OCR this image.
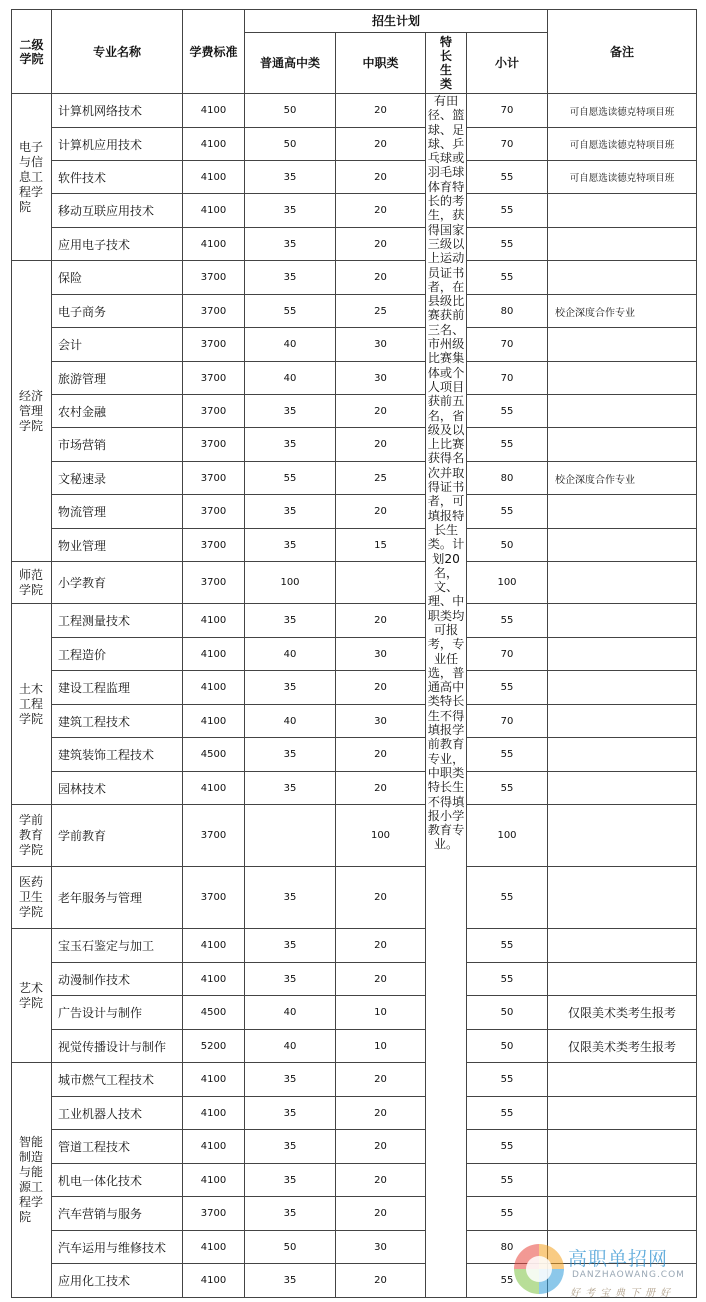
二级学院	专业名称	学费标准	招生计划				备注
			普通高中类	中职类	特长生类	小计	
电子与信息工程学院	计算机网络技术	4100	50	20	有田径、篮球、足球、乒乓球或羽毛球体育特长的考生，获得国家三级以上运动员证书者，在县级比赛获前三名、市州级比赛集体或个人项目获前五名，省级及以上比赛获得名次并取得证书者，可填报特长生类。计划20名，文、理、中职类均可报考，专业任选，普通高中类特长生不得填报学前教育专业，中职类特长生不得填报小学教育专业。	70	可自愿选读德克特项目班
	计算机应用技术	4100	50	20		70	可自愿选读德克特项目班
	软件技术	4100	35	20		55	可自愿选读德克特项目班
	移动互联应用技术	4100	35	20		55	
	应用电子技术	4100	35	20		55	
经济管理学院	保险	3700	35	20		55	
	电子商务	3700	55	25		80	校企深度合作专业
	会计	3700	40	30		70	
	旅游管理	3700	40	30		70	
	农村金融	3700	35	20		55	
	市场营销	3700	35	20		55	
	文秘速录	3700	55	25		80	校企深度合作专业
	物流管理	3700	35	20		55	
	物业管理	3700	35	15		50	
师范学院	小学教育	3700	100			100	
土木工程学院	工程测量技术	4100	35	20		55	
	工程造价	4100	40	30		70	
	建设工程监理	4100	35	20		55	
	建筑工程技术	4100	40	30		70	
	建筑装饰工程技术	4500	35	20		55	
	园林技术	4100	35	20		55	
学前教育学院	学前教育	3700		100		100	
医药卫生学院	老年服务与管理	3700	35	20		55	
艺术学院	宝玉石鉴定与加工	4100	35	20		55	
	动漫制作技术	4100	35	20		55	
	广告设计与制作	4500	40	10		50	仅限美术类考生报考
	视觉传播设计与制作	5200	40	10		50	仅限美术类考生报考
智能制造与能源工程学院	城市燃气工程技术	4100	35	20		55	
	工业机器人技术	4100	35	20		55	
	管道工程技术	4100	35	20		55	
	机电一体化技术	4100	35	20		55	
	汽车营销与服务	3700	35	20		55	
	汽车运用与维修技术	4100	50	30		80	
	应用化工技术	4100	35	20		55	
高职单招网
DANZHAOWANG.COM
好考宝典下册好
